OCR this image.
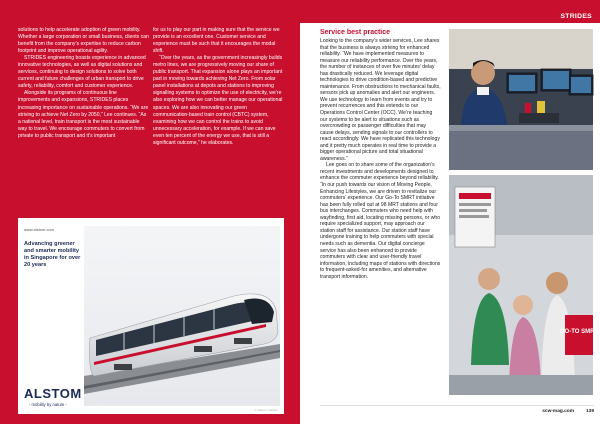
solutions to help accelerate adoption of green mobility. Whether a large corporation or small business, clients can benefit from the company’s expertise to reduce carbon footprint and improve operational agility.

STRIDES engineering boasts experience in advanced innovative technologies, as well as digital solutions and services, continuing to design solutions to solve both current and future challenges of urban transport to drive safety, reliability, comfort and customer experience.

Alongside its programs of continuous line improvements and expansions, STRIDES places increasing importance on sustainable operations. “We are striving to achieve Net Zero by 2050,” Lee continues. “As a national level, train transport is the most sustainable way to travel. We encourage commuters to convert from private to public transport and it’s important

for us to play our part in making sure that the service we provide is an excellent one. Customer service and experience must be such that it encourages the modal shift.

“Over the years, as the government increasingly builds metro lines, we are progressively moving our share of public transport. That expansion alone plays an important part in moving towards achieving Net Zero. From solar panel installations at depots and stations to improving signalling systems to optimize the use of electricity, we’re also exploring how we can better manage our operational spaces. We are also innovating our green communication-based train control (CBTC) system, examining how we can control the trains to avoid unnecessary acceleration, for example. If we can save even ten percent of the energy we use, that is still a significant outcome,” he elaborates.

www.alstom.com
Advancing greener and smarter mobility in Singapore for over 20 years
ALSTOM
- mobility by nature -
© Alstom / Alstom
138
STRIDES
Service best practice

Looking to the company’s wider services, Lee shares that the business is always striving for enhanced reliability. “We have implemented measures to measure our reliability performance. Over the years, the number of instances of over five minutes’ delay has drastically reduced. We leverage digital technologies to drive condition-based and predictive maintenance. From obstructions to mechanical faults, sensors pick up anomalies and alert our engineers. We use technology to learn from events and try to prevent recurrences and this extends to our Operations Control Center (OCC). We’re teaching our systems to be alert to situations such as overcrowding or passenger difficulties that may cause delays, sending signals to our controllers to react accordingly. We have replicated this technology and it pretty much operates in real time to provide a bigger operational picture and total situational awareness.”

Lee goes on to share some of the organization’s recent investments and developments designed to enhance the commuter experience beyond reliability. “In our push towards our vision of Moving People, Enhancing Lifestyles, we are driven to revitalize our commuters’ experience. Our Go-To SMRT initiative has been fully rolled out at 98 MRT stations and four bus interchanges. Commuters who need help with wayfinding, first aid, locating missing persons, or who require specialized support, may approach our station staff for assistance. Our station staff have undergone training to help commuters with special needs such as dementia. Our digital concierge service has also been enhanced to provide commuters with clear and user-friendly travel information, including maps of stations with directions to frequent-asked-for amenities, and alternative transport information.

GO-TO SMRT
scw-mag.com 139
